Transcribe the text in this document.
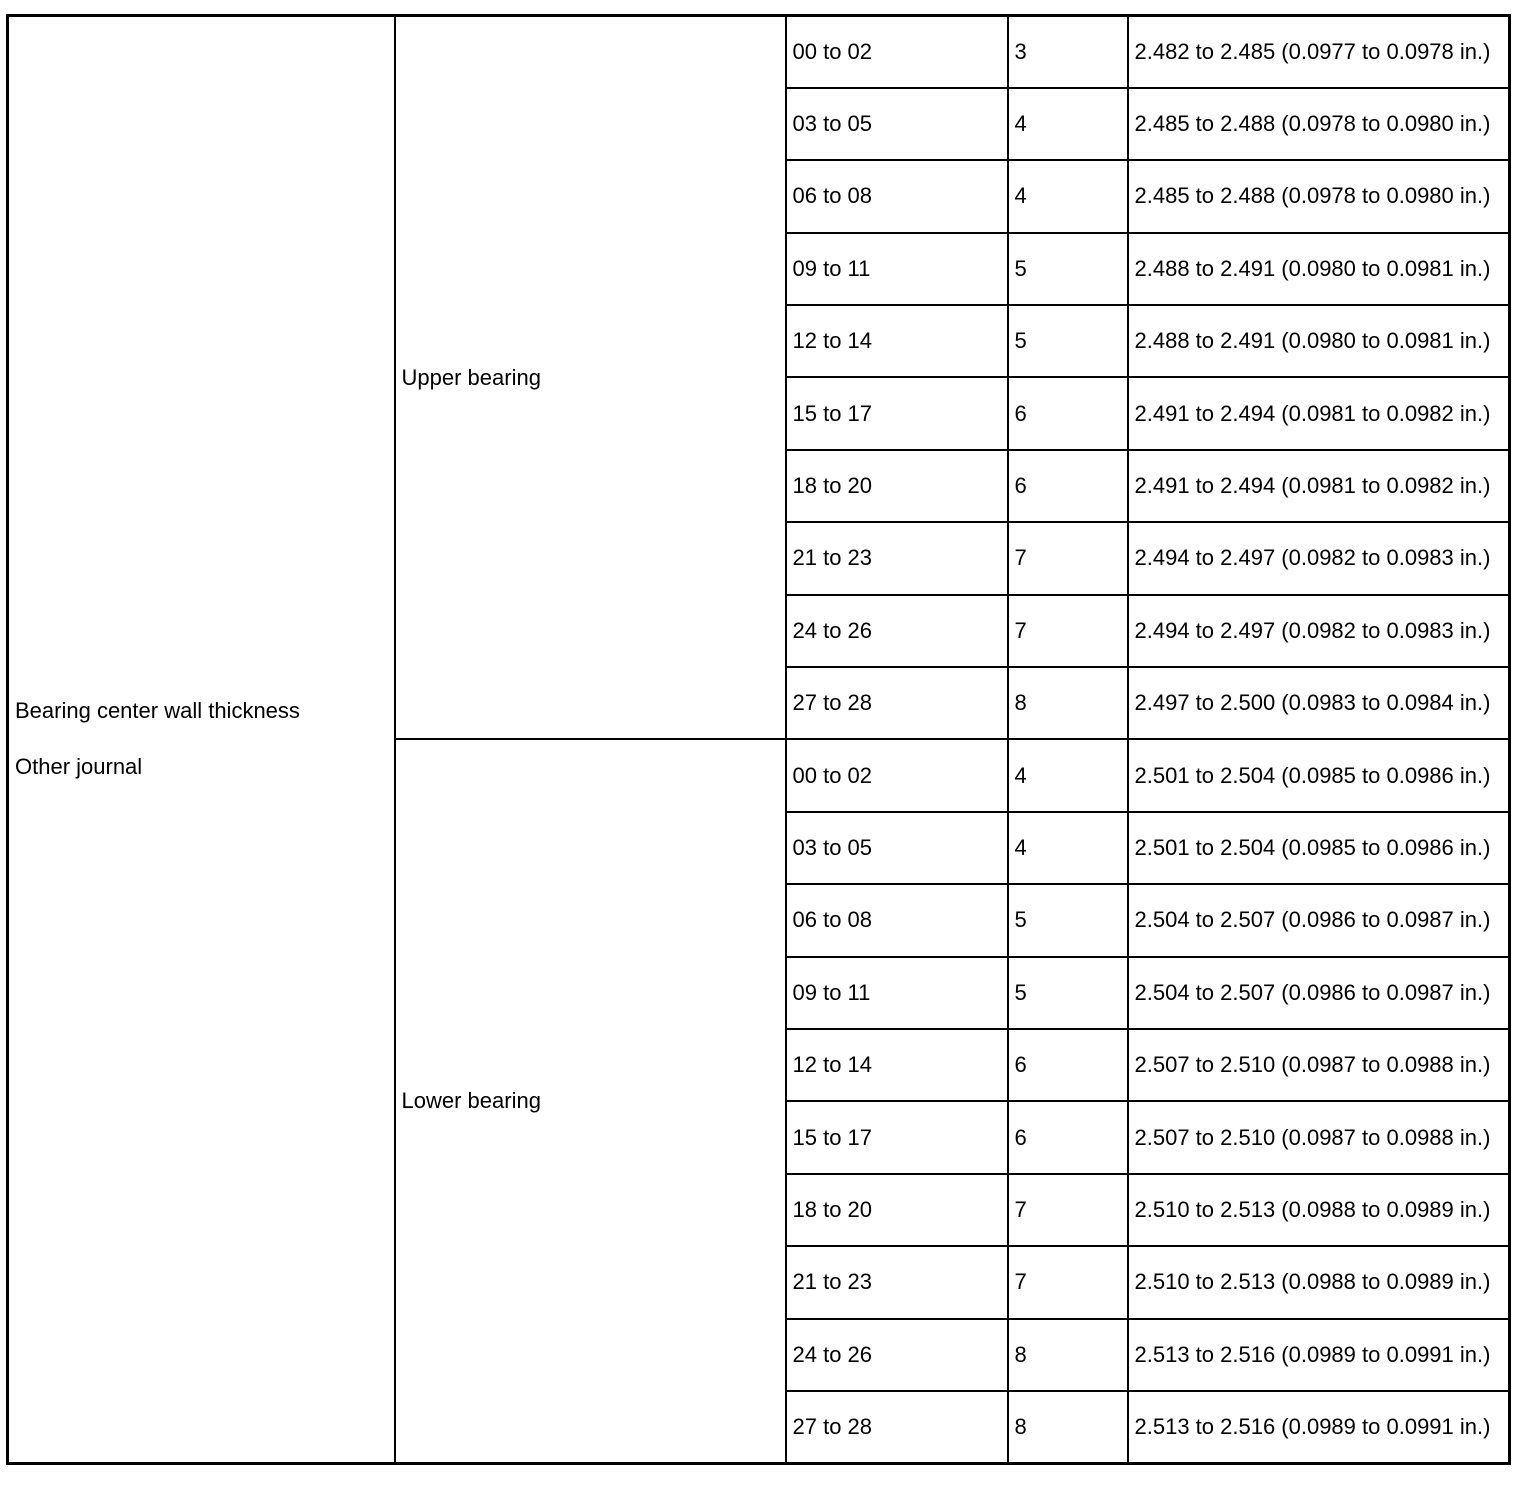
Bearing center wall thickness

Other journal	Upper bearing	00 to 02	3	2.482 to 2.485 (0.0977 to 0.0978 in.)
		03 to 05	4	2.485 to 2.488 (0.0978 to 0.0980 in.)
		06 to 08	4	2.485 to 2.488 (0.0978 to 0.0980 in.)
		09 to 11	5	2.488 to 2.491 (0.0980 to 0.0981 in.)
		12 to 14	5	2.488 to 2.491 (0.0980 to 0.0981 in.)
		15 to 17	6	2.491 to 2.494 (0.0981 to 0.0982 in.)
		18 to 20	6	2.491 to 2.494 (0.0981 to 0.0982 in.)
		21 to 23	7	2.494 to 2.497 (0.0982 to 0.0983 in.)
		24 to 26	7	2.494 to 2.497 (0.0982 to 0.0983 in.)
		27 to 28	8	2.497 to 2.500 (0.0983 to 0.0984 in.)
	Lower bearing	00 to 02	4	2.501 to 2.504 (0.0985 to 0.0986 in.)
		03 to 05	4	2.501 to 2.504 (0.0985 to 0.0986 in.)
		06 to 08	5	2.504 to 2.507 (0.0986 to 0.0987 in.)
		09 to 11	5	2.504 to 2.507 (0.0986 to 0.0987 in.)
		12 to 14	6	2.507 to 2.510 (0.0987 to 0.0988 in.)
		15 to 17	6	2.507 to 2.510 (0.0987 to 0.0988 in.)
		18 to 20	7	2.510 to 2.513 (0.0988 to 0.0989 in.)
		21 to 23	7	2.510 to 2.513 (0.0988 to 0.0989 in.)
		24 to 26	8	2.513 to 2.516 (0.0989 to 0.0991 in.)
		27 to 28	8	2.513 to 2.516 (0.0989 to 0.0991 in.)
